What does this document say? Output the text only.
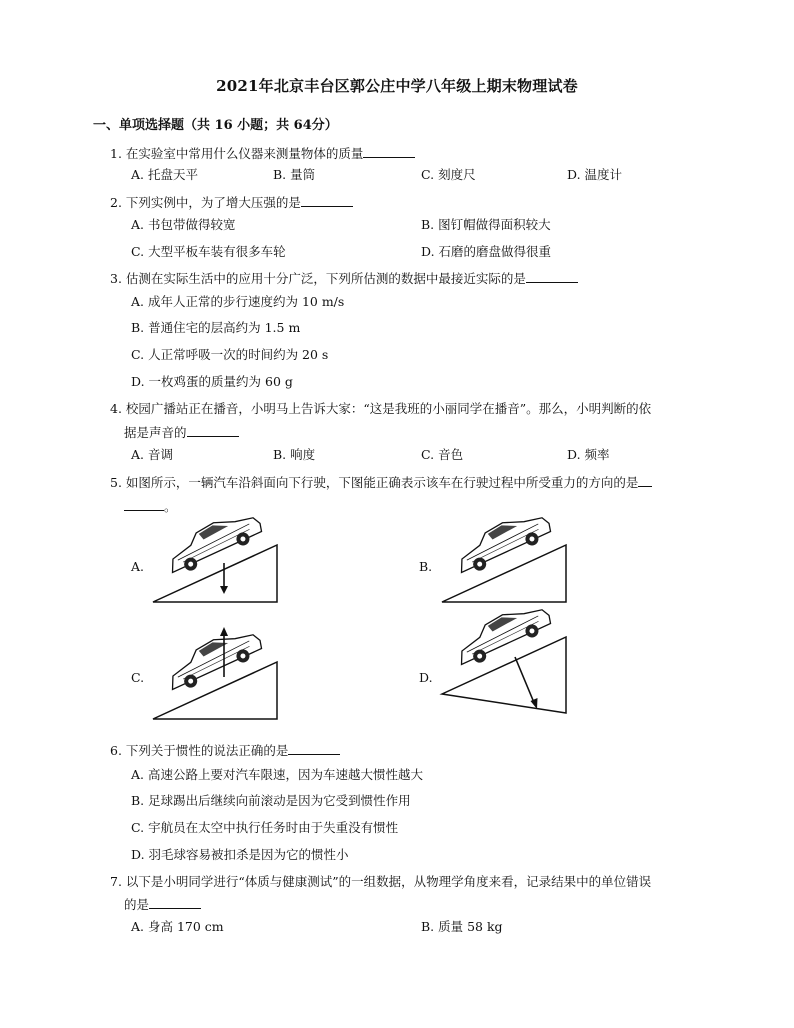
2021年北京丰台区郭公庄中学八年级上期末物理试卷
一、单项选择题（共 16 小题；共 64分）
1. 在实验室中常用什么仪器来测量物体的质量
A. 托盘天平	B. 量筒	C. 刻度尺	D. 温度计
2. 下列实例中，为了增大压强的是
A. 书包带做得较宽	B. 图钉帽做得面积较大
C. 大型平板车装有很多车轮	D. 石磨的磨盘做得很重
3. 估测在实际生活中的应用十分广泛，下列所估测的数据中最接近实际的是
A. 成年人正常的步行速度约为 10 m/s
B. 普通住宅的层高约为 1.5 m
C. 人正常呼吸一次的时间约为 20 s
D. 一枚鸡蛋的质量约为 60 g
4. 校园广播站正在播音，小明马上告诉大家：“这是我班的小丽同学在播音”。那么，小明判断的依
据是声音的
A. 音调	B. 响度	C. 音色	D. 频率
5. 如图所示，一辆汽车沿斜面向下行驶，下图能正确表示该车在行驶过程中所受重力的方向的是
。
A.	B.
C.	D.
6. 下列关于惯性的说法正确的是
A. 高速公路上要对汽车限速，因为车速越大惯性越大
B. 足球踢出后继续向前滚动是因为它受到惯性作用
C. 宇航员在太空中执行任务时由于失重没有惯性
D. 羽毛球容易被扣杀是因为它的惯性小
7. 以下是小明同学进行“体质与健康测试”的一组数据，从物理学角度来看，记录结果中的单位错误
的是
A. 身高 170 cm	B. 质量 58 kg
